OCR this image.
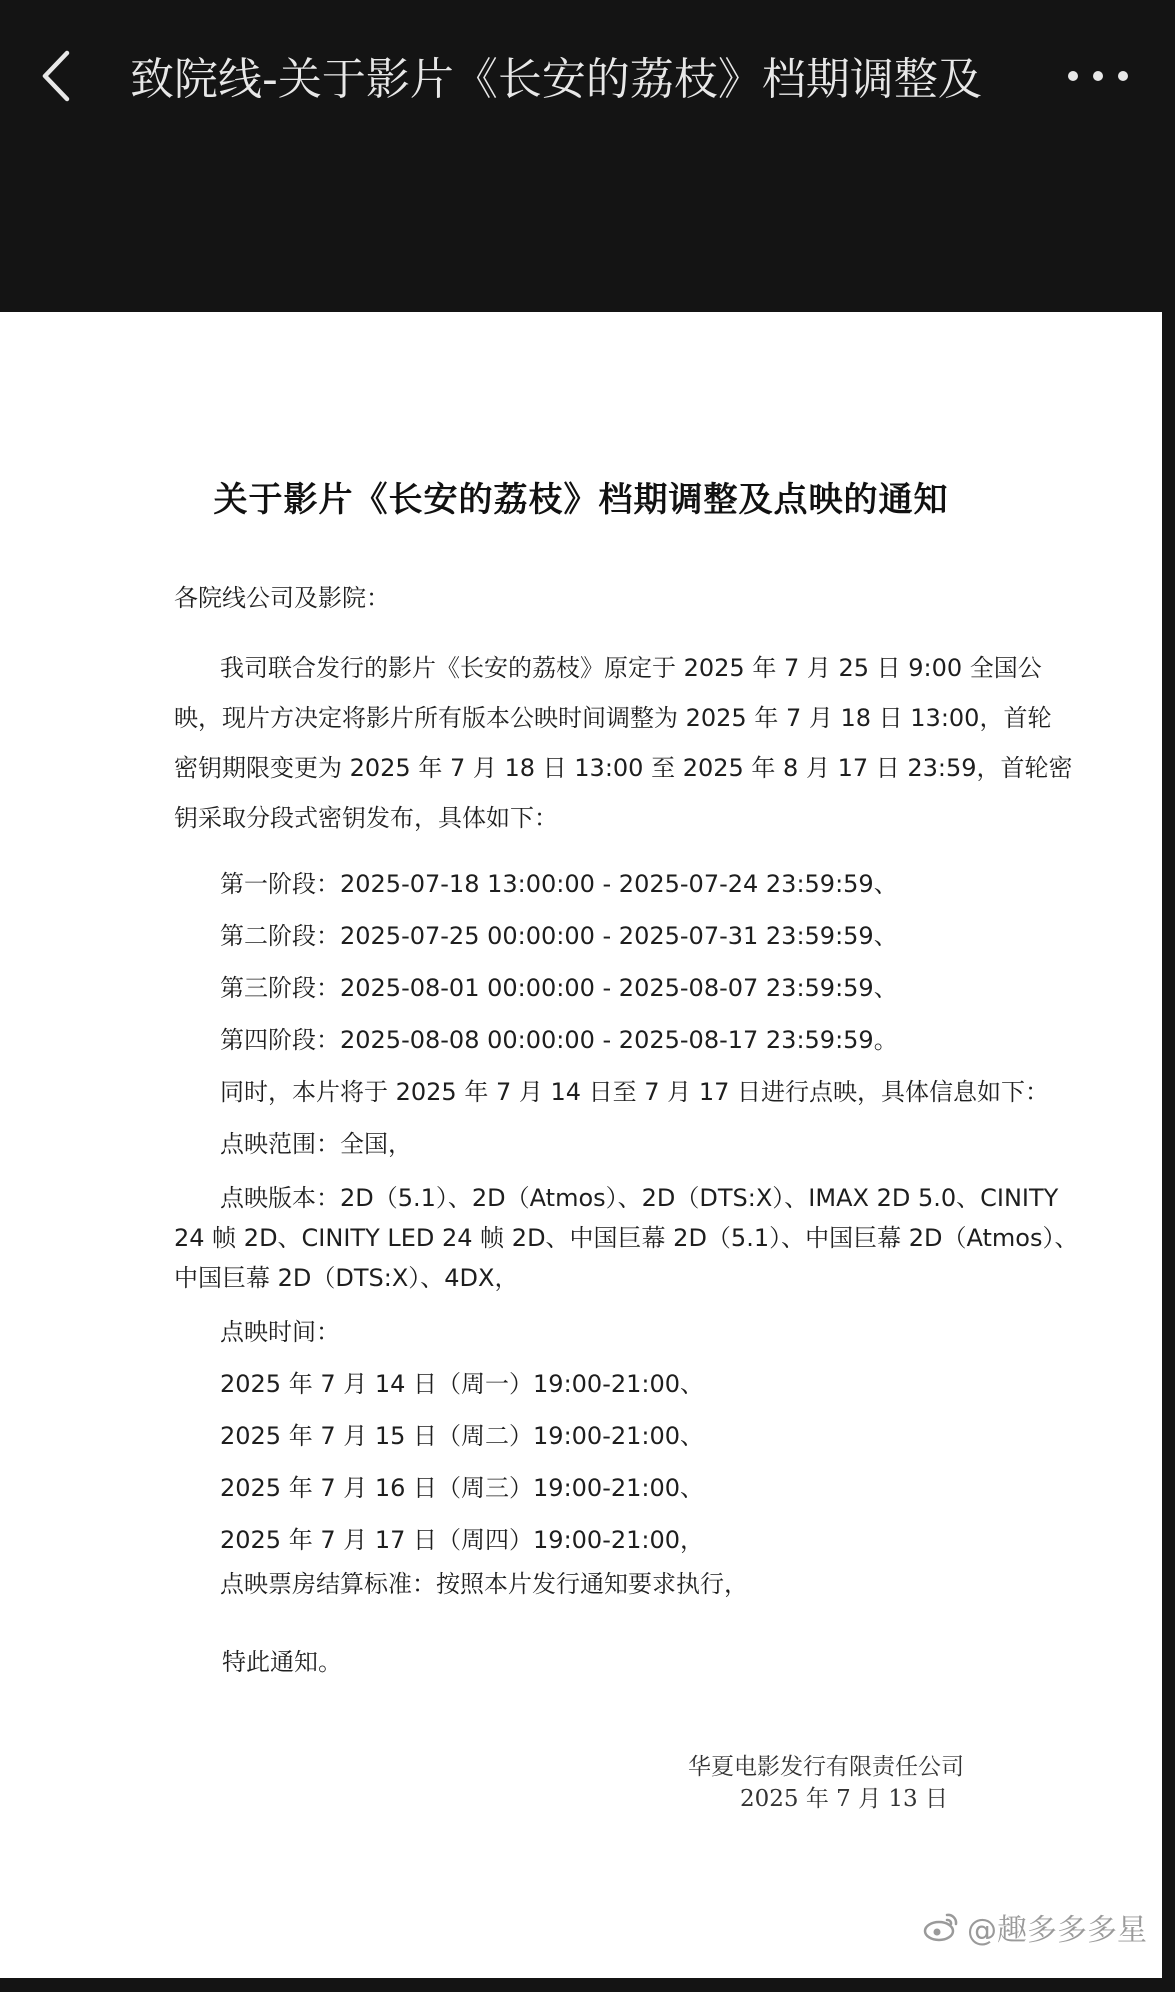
致院线-关于影片《长安的荔枝》档期调整及
关于影片《长安的荔枝》档期调整及点映的通知
各院线公司及影院：
我司联合发行的影片《长安的荔枝》原定于 2025 年 7 月 25 日 9:00 全国公
映，现片方决定将影片所有版本公映时间调整为 2025 年 7 月 18 日 13:00，首轮
密钥期限变更为 2025 年 7 月 18 日 13:00 至 2025 年 8 月 17 日 23:59，首轮密
钥采取分段式密钥发布，具体如下：
第一阶段：2025-07-18 13:00:00 - 2025-07-24 23:59:59、
第二阶段：2025-07-25 00:00:00 - 2025-07-31 23:59:59、
第三阶段：2025-08-01 00:00:00 - 2025-08-07 23:59:59、
第四阶段：2025-08-08 00:00:00 - 2025-08-17 23:59:59。
同时，本片将于 2025 年 7 月 14 日至 7 月 17 日进行点映，具体信息如下：
点映范围：全国，
点映版本：2D（5.1）、2D（Atmos）、2D（DTS:X）、IMAX 2D 5.0、CINITY
24 帧 2D、CINITY LED 24 帧 2D、中国巨幕 2D（5.1）、中国巨幕 2D（Atmos）、
中国巨幕 2D（DTS:X）、4DX，
点映时间：
2025 年 7 月 14 日（周一）19:00-21:00、
2025 年 7 月 15 日（周二）19:00-21:00、
2025 年 7 月 16 日（周三）19:00-21:00、
2025 年 7 月 17 日（周四）19:00-21:00，
点映票房结算标准：按照本片发行通知要求执行，
特此通知。
华夏电影发行有限责任公司
2025 年 7 月 13 日
@趣多多多星
